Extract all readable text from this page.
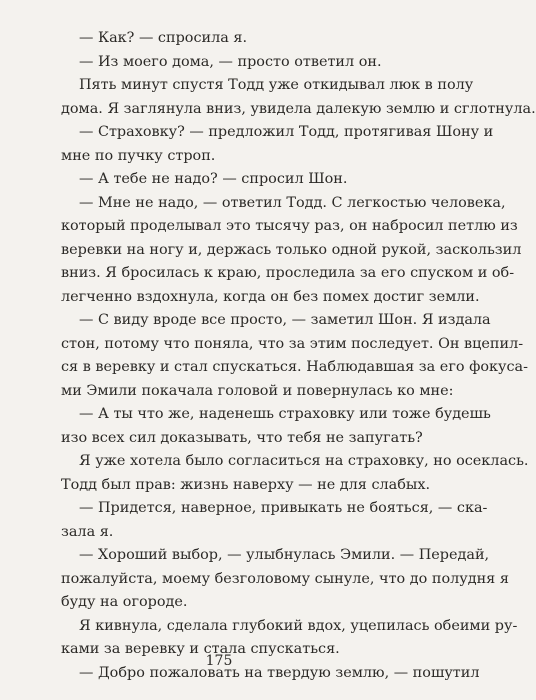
— Как? — спросила я.
— Из моего дома, — просто ответил он.
Пять минут спустя Тодд уже откидывал люк в полу
дома. Я заглянула вниз, увидела далекую землю и сглотнула.
— Страховку? — предложил Тодд, протягивая Шону и
мне по пучку строп.
— А тебе не надо? — спросил Шон.
— Мне не надо, — ответил Тодд. С легкостью человека,
который проделывал это тысячу раз, он набросил петлю из
веревки на ногу и, держась только одной рукой, заскользил
вниз. Я бросилась к краю, проследила за его спуском и об-
легченно вздохнула, когда он без помех достиг земли.
— С виду вроде все просто, — заметил Шон. Я издала
стон, потому что поняла, что за этим последует. Он вцепил-
ся в веревку и стал спускаться. Наблюдавшая за его фокуса-
ми Эмили покачала головой и повернулась ко мне:
— А ты что же, наденешь страховку или тоже будешь
изо всех сил доказывать, что тебя не запугать?
Я уже хотела было согласиться на страховку, но осеклась.
Тодд был прав: жизнь наверху — не для слабых.
— Придется, наверное, привыкать не бояться, — ска-
зала я.
— Хороший выбор, — улыбнулась Эмили. — Передай,
пожалуйста, моему безголовому сынуле, что до полудня я
буду на огороде.
Я кивнула, сделала глубокий вдох, уцепилась обеими ру-
ками за веревку и стала спускаться.
— Добро пожаловать на твердую землю, — пошутил
175
